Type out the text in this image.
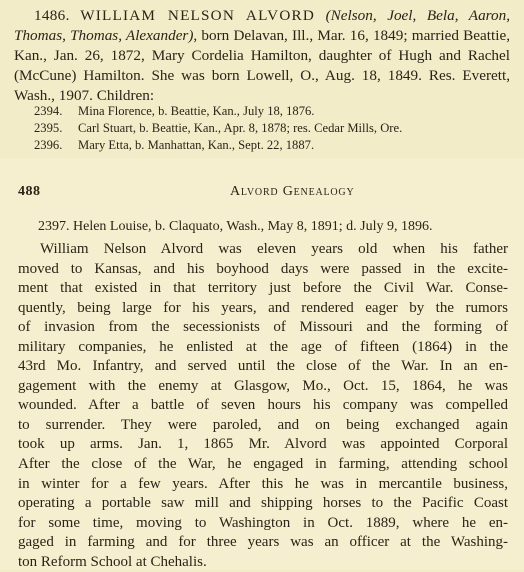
1486. WILLIAM NELSON ALVORD (Nelson, Joel, Bela, Aaron, Thomas, Thomas, Alexander), born Delavan, Ill., Mar. 16, 1849; married Beattie, Kan., Jan. 26, 1872, Mary Cordelia Hamilton, daughter of Hugh and Rachel (McCune) Hamilton. She was born Lowell, O., Aug. 18, 1849. Res. Everett, Wash., 1907. Children:
2394. Mina Florence, b. Beattie, Kan., July 18, 1876.
2395. Carl Stuart, b. Beattie, Kan., Apr. 8, 1878; res. Cedar Mills, Ore.
2396. Mary Etta, b. Manhattan, Kan., Sept. 22, 1887.
488	Alvord Genealogy
2397. Helen Louise, b. Claquato, Wash., May 8, 1891; d. July 9, 1896.
William Nelson Alvord was eleven years old when his father
moved to Kansas, and his boyhood days were passed in the excite-
ment that existed in that territory just before the Civil War. Conse-
quently, being large for his years, and rendered eager by the rumors
of invasion from the secessionists of Missouri and the forming of
military companies, he enlisted at the age of fifteen (1864) in the
43rd Mo. Infantry, and served until the close of the War. In an en-
gagement with the enemy at Glasgow, Mo., Oct. 15, 1864, he was
wounded. After a battle of seven hours his company was compelled
to surrender. They were paroled, and on being exchanged again
took up arms. Jan. 1, 1865 Mr. Alvord was appointed Corporal
After the close of the War, he engaged in farming, attending school
in winter for a few years. After this he was in mercantile business,
operating a portable saw mill and shipping horses to the Pacific Coast
for some time, moving to Washington in Oct. 1889, where he en-
gaged in farming and for three years was an officer at the Washing-
ton Reform School at Chehalis.
